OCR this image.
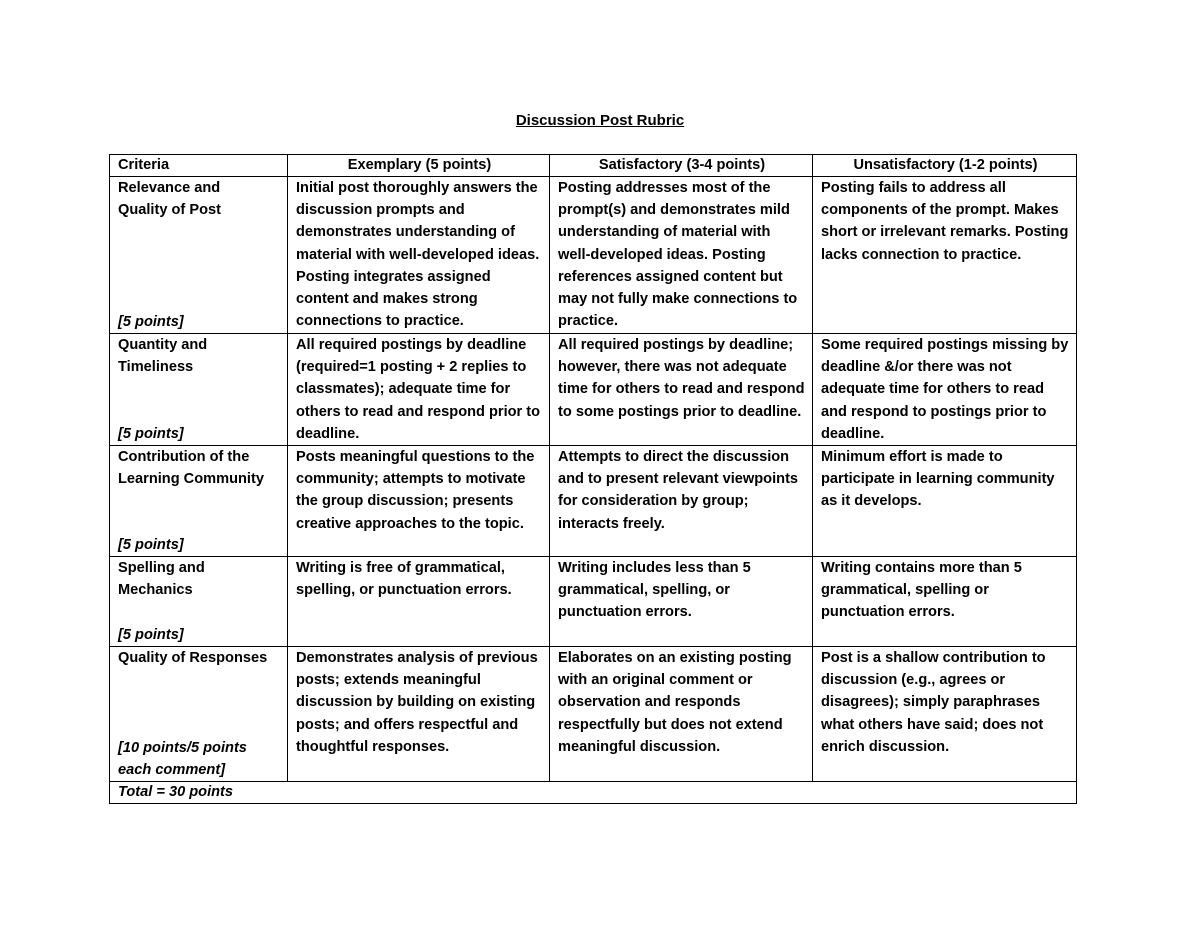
Discussion Post Rubric
Criteria	Exemplary (5 points)	Satisfactory (3-4 points)	Unsatisfactory (1-2 points)

Relevance and Quality of Post
[5 points]	Initial post thoroughly answers the discussion prompts and demonstrates understanding of material with well-developed ideas. Posting integrates assigned content and makes strong connections to practice.	Posting addresses most of the prompt(s) and demonstrates mild understanding of material with well-developed ideas. Posting references assigned content but may not fully make connections to practice.	Posting fails to address all components of the prompt. Makes short or irrelevant remarks. Posting lacks connection to practice.

Quantity and Timeliness
[5 points]	All required postings by deadline (required=1 posting + 2 replies to classmates); adequate time for others to read and respond prior to deadline.	All required postings by deadline; however, there was not adequate time for others to read and respond to some postings prior to deadline.	Some required postings missing by deadline &/or there was not adequate time for others to read and respond to postings prior to deadline.

Contribution of the Learning Community
[5 points]	Posts meaningful questions to the community; attempts to motivate the group discussion; presents creative approaches to the topic.	Attempts to direct the discussion and to present relevant viewpoints for consideration by group; interacts freely.	Minimum effort is made to participate in learning community as it develops.

Spelling and Mechanics
[5 points]	Writing is free of grammatical, spelling, or punctuation errors.	Writing includes less than 5 grammatical, spelling, or punctuation errors.	Writing contains more than 5 grammatical, spelling or punctuation errors.

Quality of Responses
[10 points/5 points each comment]	Demonstrates analysis of previous posts; extends meaningful discussion by building on existing posts; and offers respectful and thoughtful responses.	Elaborates on an existing posting with an original comment or observation and responds respectfully but does not extend meaningful discussion.	Post is a shallow contribution to discussion (e.g., agrees or disagrees); simply paraphrases what others have said; does not enrich discussion.
Total = 30 points			
